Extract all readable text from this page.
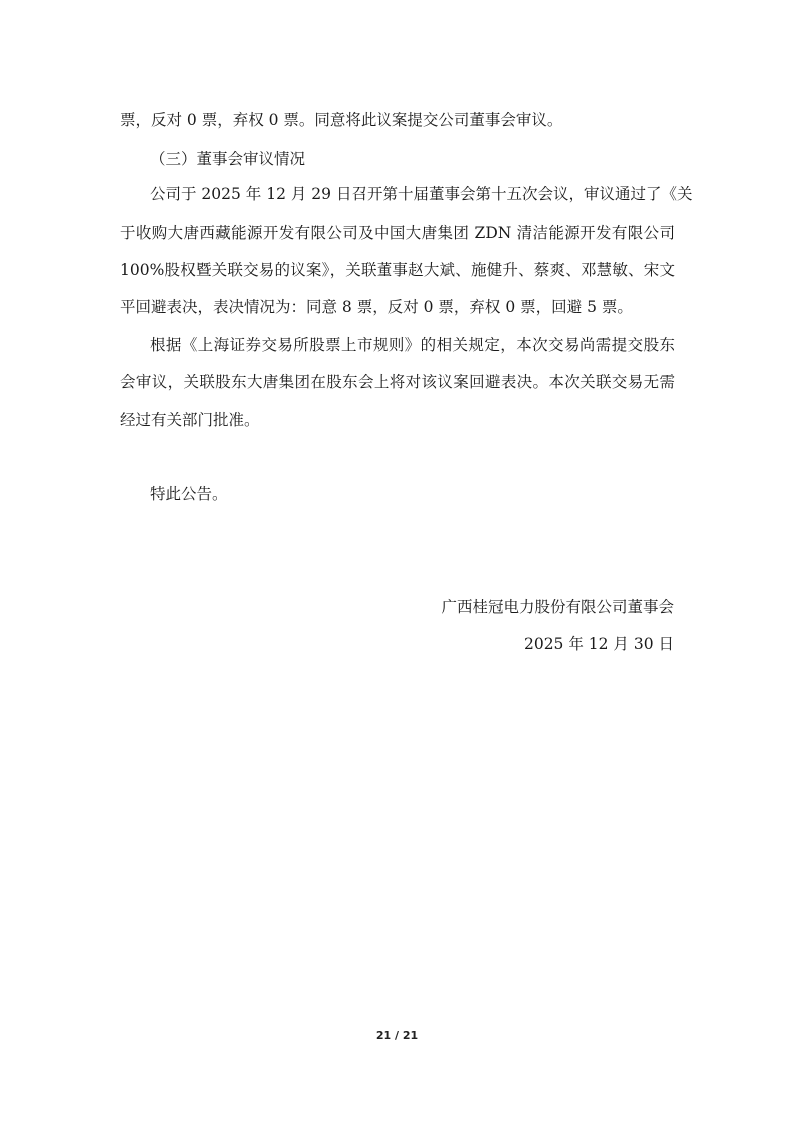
票，反对 0 票，弃权 0 票。同意将此议案提交公司董事会审议。
（三）董事会审议情况
公司于 2025 年 12 月 29 日召开第十届董事会第十五次会议，审议通过了《关
于收购大唐西藏能源开发有限公司及中国大唐集团 ZDN 清洁能源开发有限公司
100%股权暨关联交易的议案》，关联董事赵大斌、施健升、蔡爽、邓慧敏、宋文
平回避表决，表决情况为：同意 8 票，反对 0 票，弃权 0 票，回避 5 票。
根据《上海证券交易所股票上市规则》的相关规定，本次交易尚需提交股东
会审议，关联股东大唐集团在股东会上将对该议案回避表决。本次关联交易无需
经过有关部门批准。
特此公告。
广西桂冠电力股份有限公司董事会
2025 年 12 月 30 日
21 / 21
